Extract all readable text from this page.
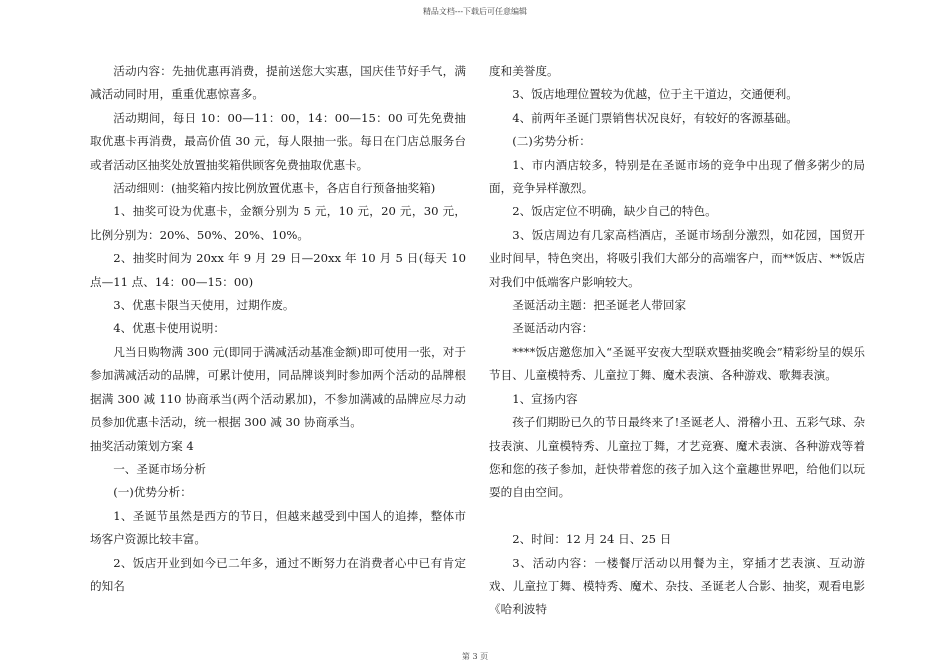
精品文档---下载后可任意编辑

活动内容：先抽优惠再消费，提前送您大实惠，国庆佳节好手气，满减活动同时用，重重优惠惊喜多。

活动期间，每日 10：00—11：00，14：00—15：00 可先免费抽取优惠卡再消费，最高价值 30 元，每人限抽一张。每日在门店总服务台或者活动区抽奖处放置抽奖箱供顾客免费抽取优惠卡。

活动细则：(抽奖箱内按比例放置优惠卡，各店自行预备抽奖箱)

1、抽奖可设为优惠卡，金额分别为 5 元，10 元，20 元，30 元，比例分别为：20%、50%、20%、10%。

2、抽奖时间为 20xx 年 9 月 29 日—20xx 年 10 月 5 日(每天 10 点—11 点、14：00—15：00)

3、优惠卡限当天使用，过期作废。

4、优惠卡使用说明：

凡当日购物满 300 元(即同于满减活动基准金额)即可使用一张，对于参加满减活动的品牌，可累计使用，同品牌谈判时参加两个活动的品牌根据满 300 减 110 协商承当(两个活动累加)，不参加满减的品牌应尽力动员参加优惠卡活动，统一根据 300 减 30 协商承当。

抽奖活动策划方案 4

一、圣诞市场分析

(一)优势分析：

1、圣诞节虽然是西方的节日，但越来越受到中国人的追捧，整体市场客户资源比较丰富。

2、饭店开业到如今已二年多，通过不断努力在消费者心中已有肯定的知名

度和美誉度。

3、饭店地理位置较为优越，位于主干道边，交通便利。

4、前两年圣诞门票销售状况良好，有较好的客源基础。

(二)劣势分析：

1、市内酒店较多，特别是在圣诞市场的竞争中出现了僧多粥少的局面，竞争异样激烈。

2、饭店定位不明确，缺少自己的特色。

3、饭店周边有几家高档酒店，圣诞市场刮分激烈，如花园，国贸开业时间早，特色突出，将吸引我们大部分的高端客户，而**饭店、**饭店对我们中低端客户影响较大。

圣诞活动主题：把圣诞老人带回家

圣诞活动内容：

****饭店邀您加入“圣诞平安夜大型联欢暨抽奖晚会”精彩纷呈的娱乐节目、儿童模特秀、儿童拉丁舞、魔术表演、各种游戏、歌舞表演。

1、宣扬内容

孩子们期盼已久的节日最终来了!圣诞老人、滑稽小丑、五彩气球、杂技表演、儿童模特秀、儿童拉丁舞，才艺竞赛、魔术表演、各种游戏等着您和您的孩子参加，赶快带着您的孩子加入这个童趣世界吧，给他们以玩耍的自由空间。

2、时间：12 月 24 日、25 日

3、活动内容：一楼餐厅活动以用餐为主，穿插才艺表演、互动游戏、儿童拉丁舞、模特秀、魔术、杂技、圣诞老人合影、抽奖，观看电影《哈利波特

第 3 页
